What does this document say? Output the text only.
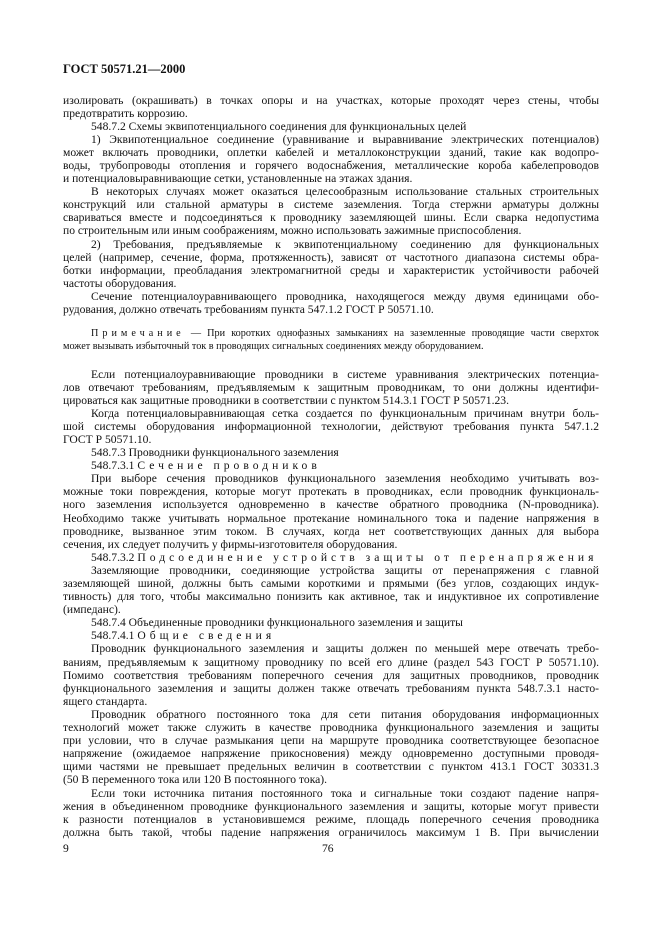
ГОСТ 50571.21—2000
изолировать (окрашивать) в точках опоры и на участках, которые проходят через стены, чтобы
предотвратить коррозию.
548.7.2 Схемы эквипотенциального соединения для функциональных целей
1) Эквипотенциальное соединение (уравнивание и выравнивание электрических потенциалов)
может включать проводники, оплетки кабелей и металлоконструкции зданий, такие как водопро-
воды, трубопроводы отопления и горячего водоснабжения, металлические короба кабелепроводов
и потенциаловыравнивающие сетки, установленные на этажах здания.
В некоторых случаях может оказаться целесообразным использование стальных строительных
конструкций или стальной арматуры в системе заземления. Тогда стержни арматуры должны
свариваться вместе и подсоединяться к проводнику заземляющей шины. Если сварка недопустима
по строительным или иным соображениям, можно использовать зажимные приспособления.
2) Требования, предъявляемые к эквипотенциальному соединению для функциональных
целей (например, сечение, форма, протяженность), зависят от частотного диапазона системы обра-
ботки информации, преобладания электромагнитной среды и характеристик устойчивости рабочей
частоты оборудования.
Сечение потенциалоуравнивающего проводника, находящегося между двумя единицами обо-
рудования, должно отвечать требованиям пункта 547.1.2 ГОСТ Р 50571.10.
Примечание — При коротких однофазных замыканиях на заземленные проводящие части сверхток
может вызывать избыточный ток в проводящих сигнальных соединениях между оборудованием.
Если потенциалоуравнивающие проводники в системе уравнивания электрических потенциа-
лов отвечают требованиям, предъявляемым к защитным проводникам, то они должны идентифи-
цироваться как защитные проводники в соответствии с пунктом 514.3.1 ГОСТ Р 50571.23.
Когда потенциаловыравнивающая сетка создается по функциональным причинам внутри боль-
шой системы оборудования информационной технологии, действуют требования пункта 547.1.2
ГОСТ Р 50571.10.
548.7.3 Проводники функционального заземления
548.7.3.1 Сечение проводников
При выборе сечения проводников функционального заземления необходимо учитывать воз-
можные токи повреждения, которые могут протекать в проводниках, если проводник функциональ-
ного заземления используется одновременно в качестве обратного проводника (N-проводника).
Необходимо также учитывать нормальное протекание номинального тока и падение напряжения в
проводнике, вызванное этим током. В случаях, когда нет соответствующих данных для выбора
сечения, их следует получить у фирмы-изготовителя оборудования.
548.7.3.2 Подсоединение устройств защиты от перенапряжения
Заземляющие проводники, соединяющие устройства защиты от перенапряжения с главной
заземляющей шиной, должны быть самыми короткими и прямыми (без углов, создающих индук-
тивность) для того, чтобы максимально понизить как активное, так и индуктивное их сопротивление
(импеданс).
548.7.4 Объединенные проводники функционального заземления и защиты
548.7.4.1 Общие сведения
Проводник функционального заземления и защиты должен по меньшей мере отвечать требо-
ваниям, предъявляемым к защитному проводнику по всей его длине (раздел 543 ГОСТ Р 50571.10).
Помимо соответствия требованиям поперечного сечения для защитных проводников, проводник
функционального заземления и защиты должен также отвечать требованиям пункта 548.7.3.1 насто-
ящего стандарта.
Проводник обратного постоянного тока для сети питания оборудования информационных
технологий может также служить в качестве проводника функционального заземления и защиты
при условии, что в случае размыкания цепи на маршруте проводника соответствующее безопасное
напряжение (ожидаемое напряжение прикосновения) между одновременно доступными проводя-
щими частями не превышает предельных величин в соответствии с пунктом 413.1 ГОСТ 30331.3
(50 В переменного тока или 120 В постоянного тока).
Если токи источника питания постоянного тока и сигнальные токи создают падение напря-
жения в объединенном проводнике функционального заземления и защиты, которые могут привести
к разности потенциалов в установившемся режиме, площадь поперечного сечения проводника
должна быть такой, чтобы падение напряжения ограничилось максимум 1 В. При вычислении
9	76
